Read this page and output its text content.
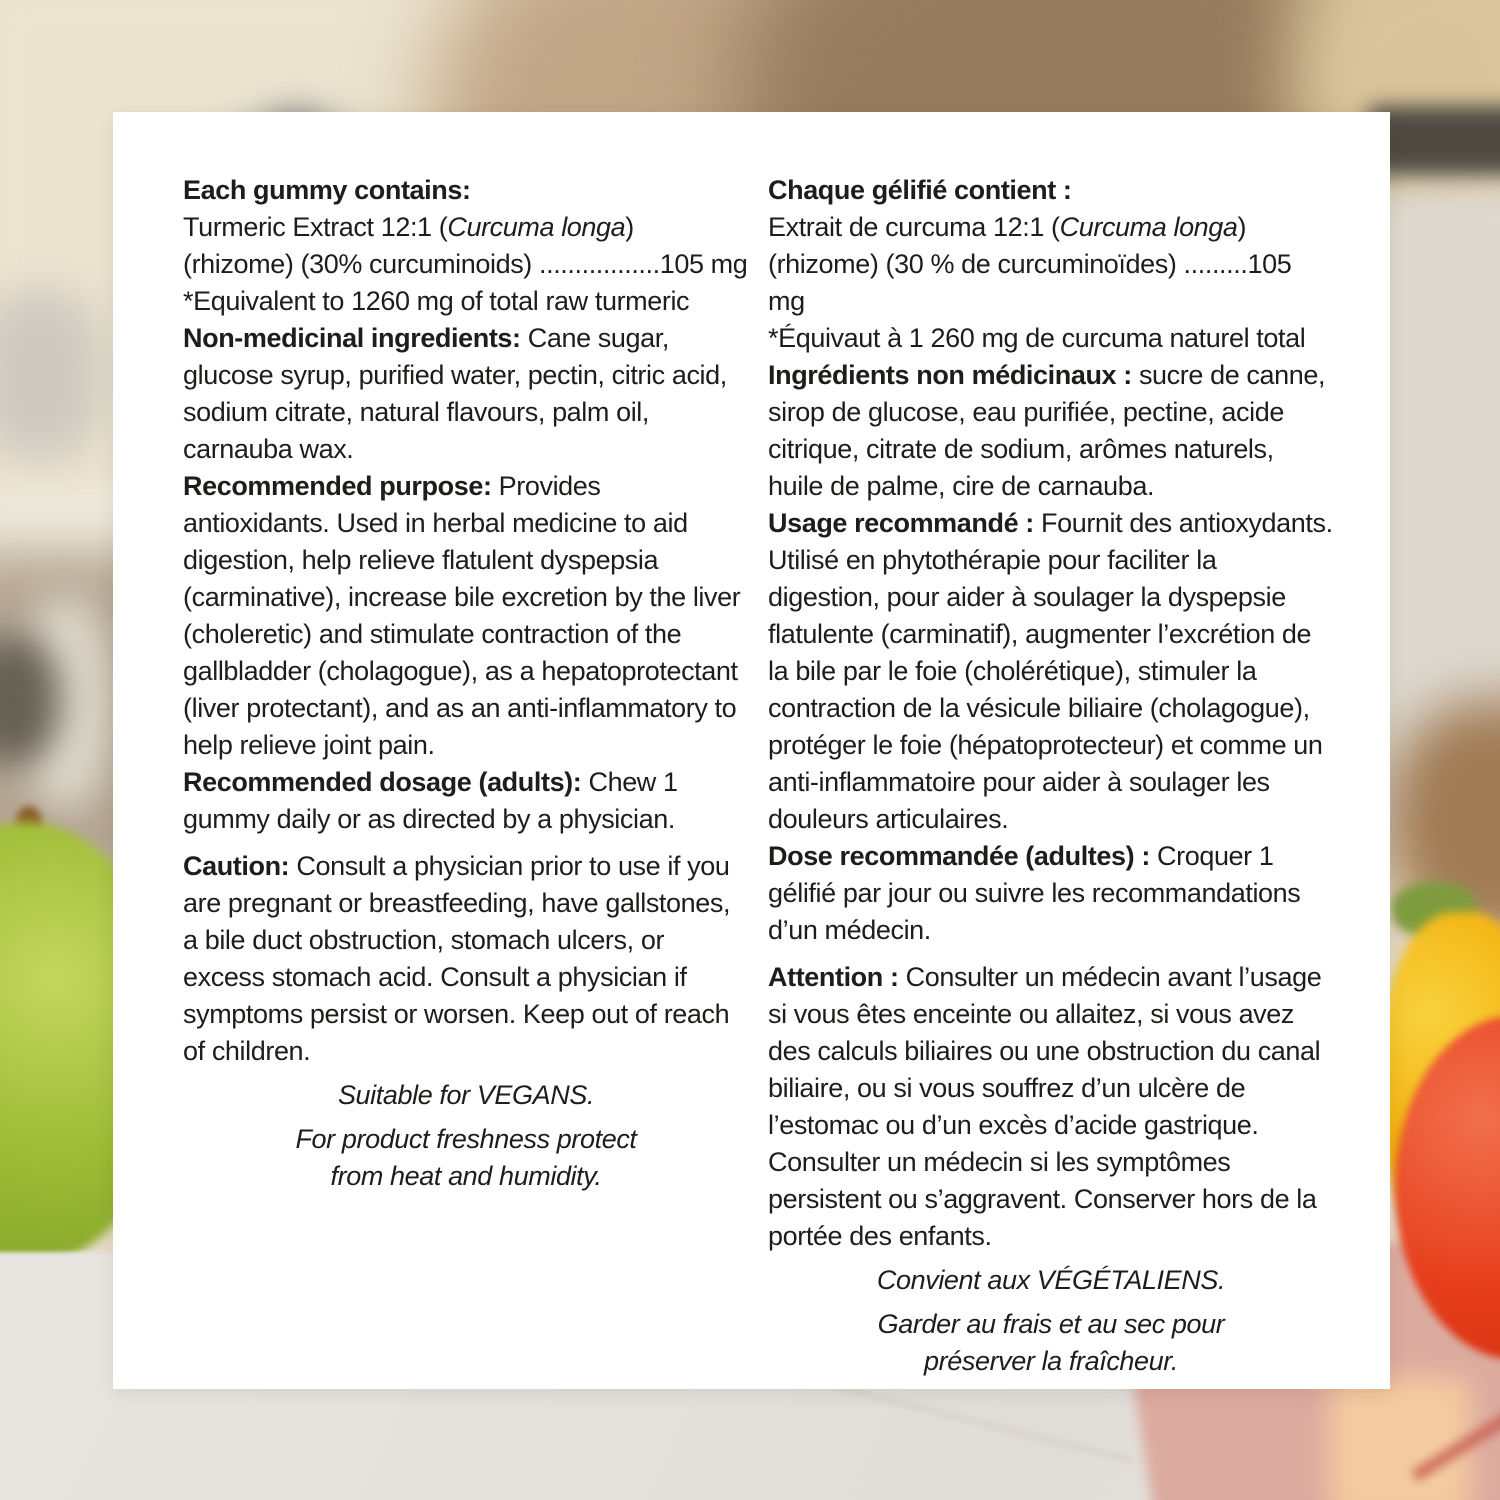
Each gummy contains:

Turmeric Extract 12:1 (Curcuma longa)

(rhizome) (30% curcuminoids) .................105 mg

*Equivalent to 1260 mg of total raw turmeric

Non-medicinal ingredients: Cane sugar, glucose syrup, purified water, pectin, citric acid, sodium citrate, natural flavours, palm oil, carnauba wax.

Recommended purpose: Provides antioxidants. Used in herbal medicine to aid digestion, help relieve flatulent dyspepsia (carminative), increase bile excretion by the liver (choleretic) and stimulate contraction of the gallbladder (cholagogue), as a hepatoprotectant (liver protectant), and as an anti-inflammatory to help relieve joint pain.

Recommended dosage (adults): Chew 1 gummy daily or as directed by a physician.

Caution: Consult a physician prior to use if you are pregnant or breastfeeding, have gallstones, a bile duct obstruction, stomach ulcers, or excess stomach acid. Consult a physician if symptoms persist or worsen. Keep out of reach of children.

Suitable for VEGANS.

For product freshness protect

from heat and humidity.

Chaque gélifié contient :

Extrait de curcuma 12:1 (Curcuma longa)

(rhizome) (30 % de curcuminoïdes) .........105 mg

*Équivaut à 1 260 mg de curcuma naturel total

Ingrédients non médicinaux : sucre de canne, sirop de glucose, eau purifiée, pectine, acide citrique, citrate de sodium, arômes naturels, huile de palme, cire de carnauba.

Usage recommandé : Fournit des antioxydants. Utilisé en phytothérapie pour faciliter la digestion, pour aider à soulager la dyspepsie flatulente (carminatif), augmenter l’excrétion de la bile par le foie (cholérétique), stimuler la contraction de la vésicule biliaire (cholagogue), protéger le foie (hépatoprotecteur) et comme un anti-inflammatoire pour aider à soulager les douleurs articulaires.

Dose recommandée (adultes) : Croquer 1 gélifié par jour ou suivre les recommandations d’un médecin.

Attention : Consulter un médecin avant l’usage si vous êtes enceinte ou allaitez, si vous avez des calculs biliaires ou une obstruction du canal biliaire, ou si vous souffrez d’un ulcère de l’estomac ou d’un excès d’acide gastrique. Consulter un médecin si les symptômes persistent ou s’aggravent. Conserver hors de la portée des enfants.

Convient aux VÉGÉTALIENS.

Garder au frais et au sec pour

préserver la fraîcheur.
